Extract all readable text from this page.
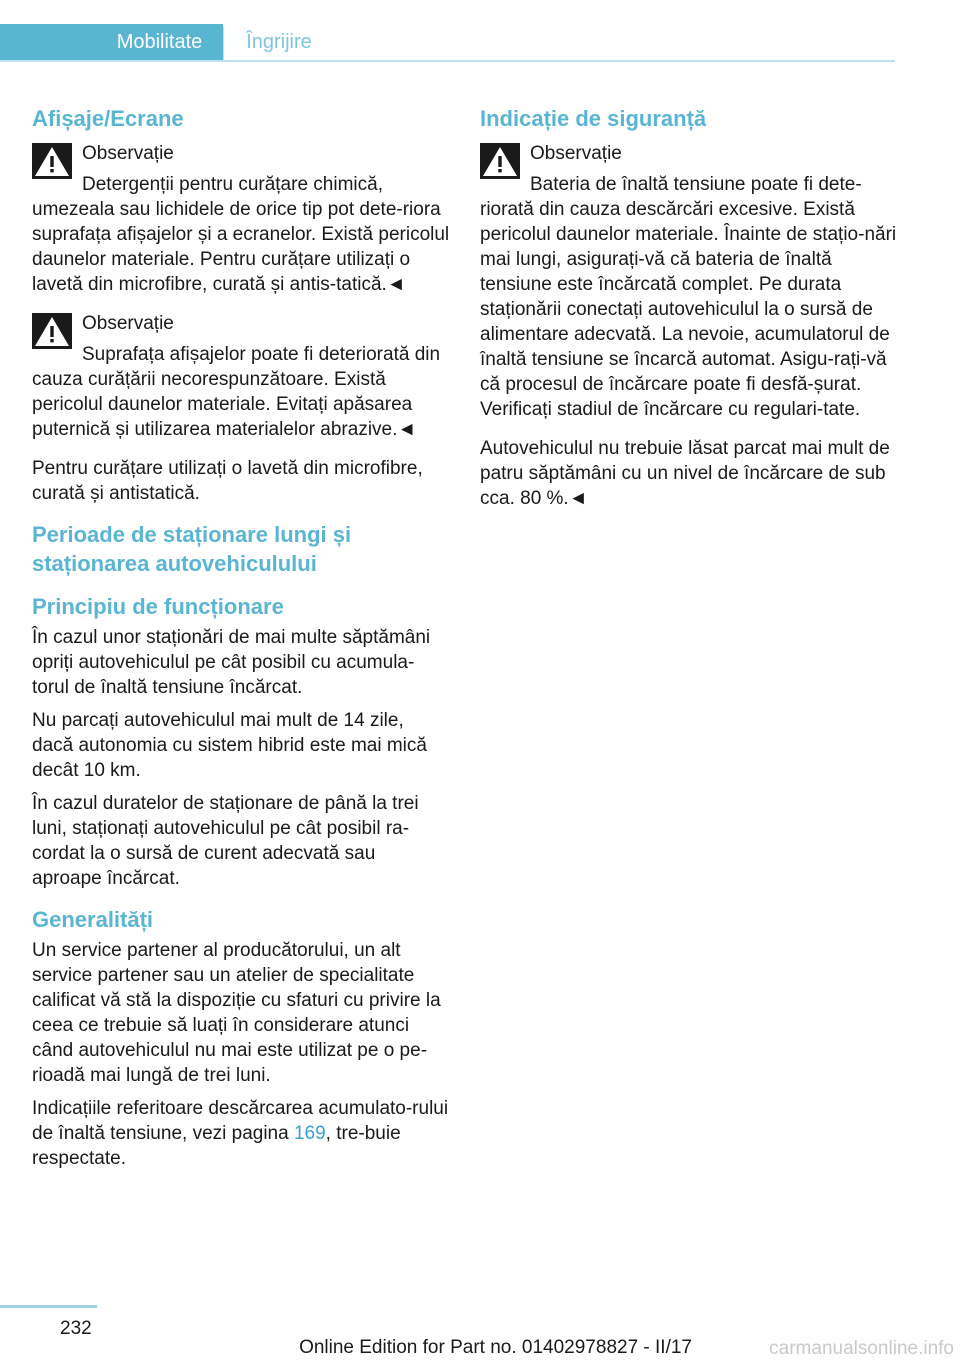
Mobilitate	Îngrijire
Afișaje/Ecrane
Observație
Detergenții pentru curățare chimică, umezeala sau lichidele de orice tip pot dete-riora suprafața afișajelor și a ecranelor. Există pericolul daunelor materiale. Pentru curățare utilizați o lavetă din microfibre, curată și antis-tatică.◄
Observație
Suprafața afișajelor poate fi deteriorată din cauza curățării necorespunzătoare. Există pericolul daunelor materiale. Evitați apăsarea puternică și utilizarea materialelor abrazive.◄

Pentru curățare utilizați o lavetă din microfibre, curată și antistatică.

Perioade de staționare lungi și staționarea autovehiculului
Principiu de funcționare

În cazul unor staționări de mai multe săptămâni opriți autovehiculul pe cât posibil cu acumula-torul de înaltă tensiune încărcat.

Nu parcați autovehiculul mai mult de 14 zile, dacă autonomia cu sistem hibrid este mai mică decât 10 km.

În cazul duratelor de staționare de până la trei luni, staționați autovehiculul pe cât posibil ra-cordat la o sursă de curent adecvată sau aproape încărcat.

Generalități

Un service partener al producătorului, un alt service partener sau un atelier de specialitate calificat vă stă la dispoziție cu sfaturi cu privire la ceea ce trebuie să luați în considerare atunci când autovehiculul nu mai este utilizat pe o pe-rioadă mai lungă de trei luni.

Indicațiile referitoare descărcarea acumulato-rului de înaltă tensiune, vezi pagina 169, tre-buie respectate.

Indicație de siguranță
Observație
Bateria de înaltă tensiune poate fi dete-riorată din cauza descărcări excesive. Există pericolul daunelor materiale. Înainte de stațio-nări mai lungi, asigurați-vă că bateria de înaltă tensiune este încărcată complet. Pe durata staționării conectați autovehiculul la o sursă de alimentare adecvată. La nevoie, acumulatorul de înaltă tensiune se încarcă automat. Asigu-rați-vă că procesul de încărcare poate fi desfă-șurat. Verificați stadiul de încărcare cu regulari-tate.

Autovehiculul nu trebuie lăsat parcat mai mult de patru săptămâni cu un nivel de încărcare de sub cca. 80 %.◄

232
Online Edition for Part no. 01402978827 - II/17	carmanualsonline.info
